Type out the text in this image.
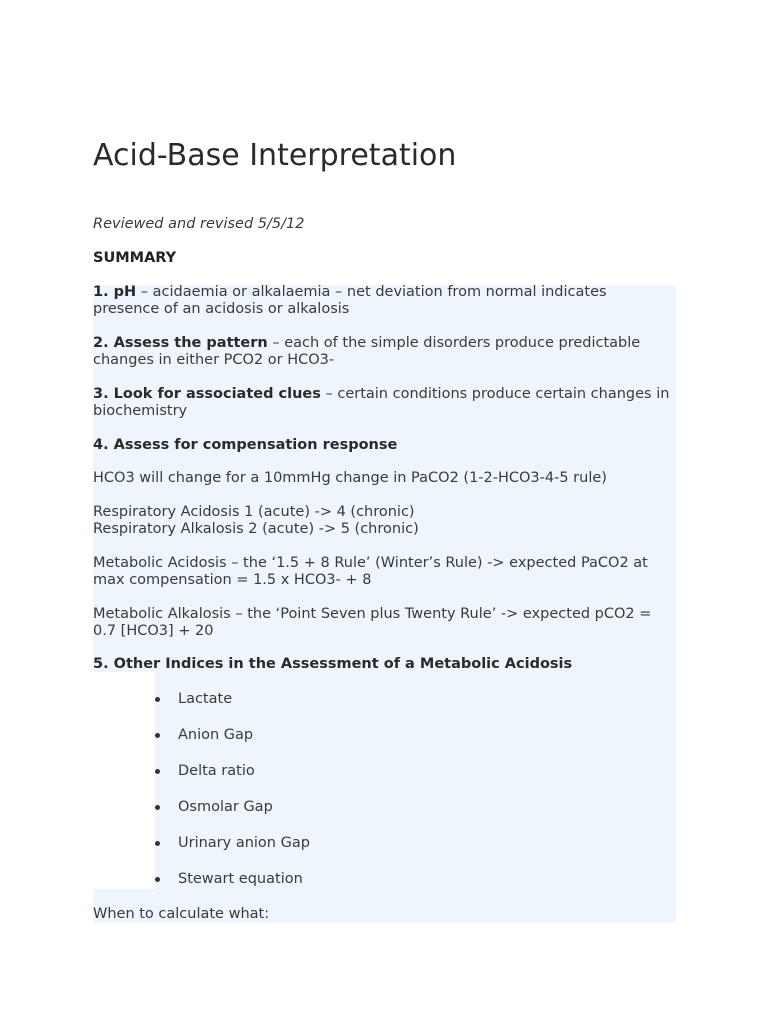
Acid-Base Interpretation
Reviewed and revised 5/5/12
SUMMARY
1. pH – acidaemia or alkalaemia – net deviation from normal indicates presence of an acidosis or alkalosis
2. Assess the pattern – each of the simple disorders produce predictable changes in either PCO2 or HCO3-
3. Look for associated clues – certain conditions produce certain changes in biochemistry
4. Assess for compensation response
HCO3 will change for a 10mmHg change in PaCO2 (1-2-HCO3-4-5 rule)
Respiratory Acidosis 1 (acute) -> 4 (chronic)
Respiratory Alkalosis 2 (acute) -> 5 (chronic)
Metabolic Acidosis – the ‘1.5 + 8 Rule’ (Winter’s Rule) -> expected PaCO2 at max compensation = 1.5 x HCO3- + 8
Metabolic Alkalosis – the ‘Point Seven plus Twenty Rule’ -> expected pCO2 = 0.7 [HCO3] + 20
5. Other Indices in the Assessment of a Metabolic Acidosis
Lactate
Anion Gap
Delta ratio
Osmolar Gap
Urinary anion Gap
Stewart equation
When to calculate what:
